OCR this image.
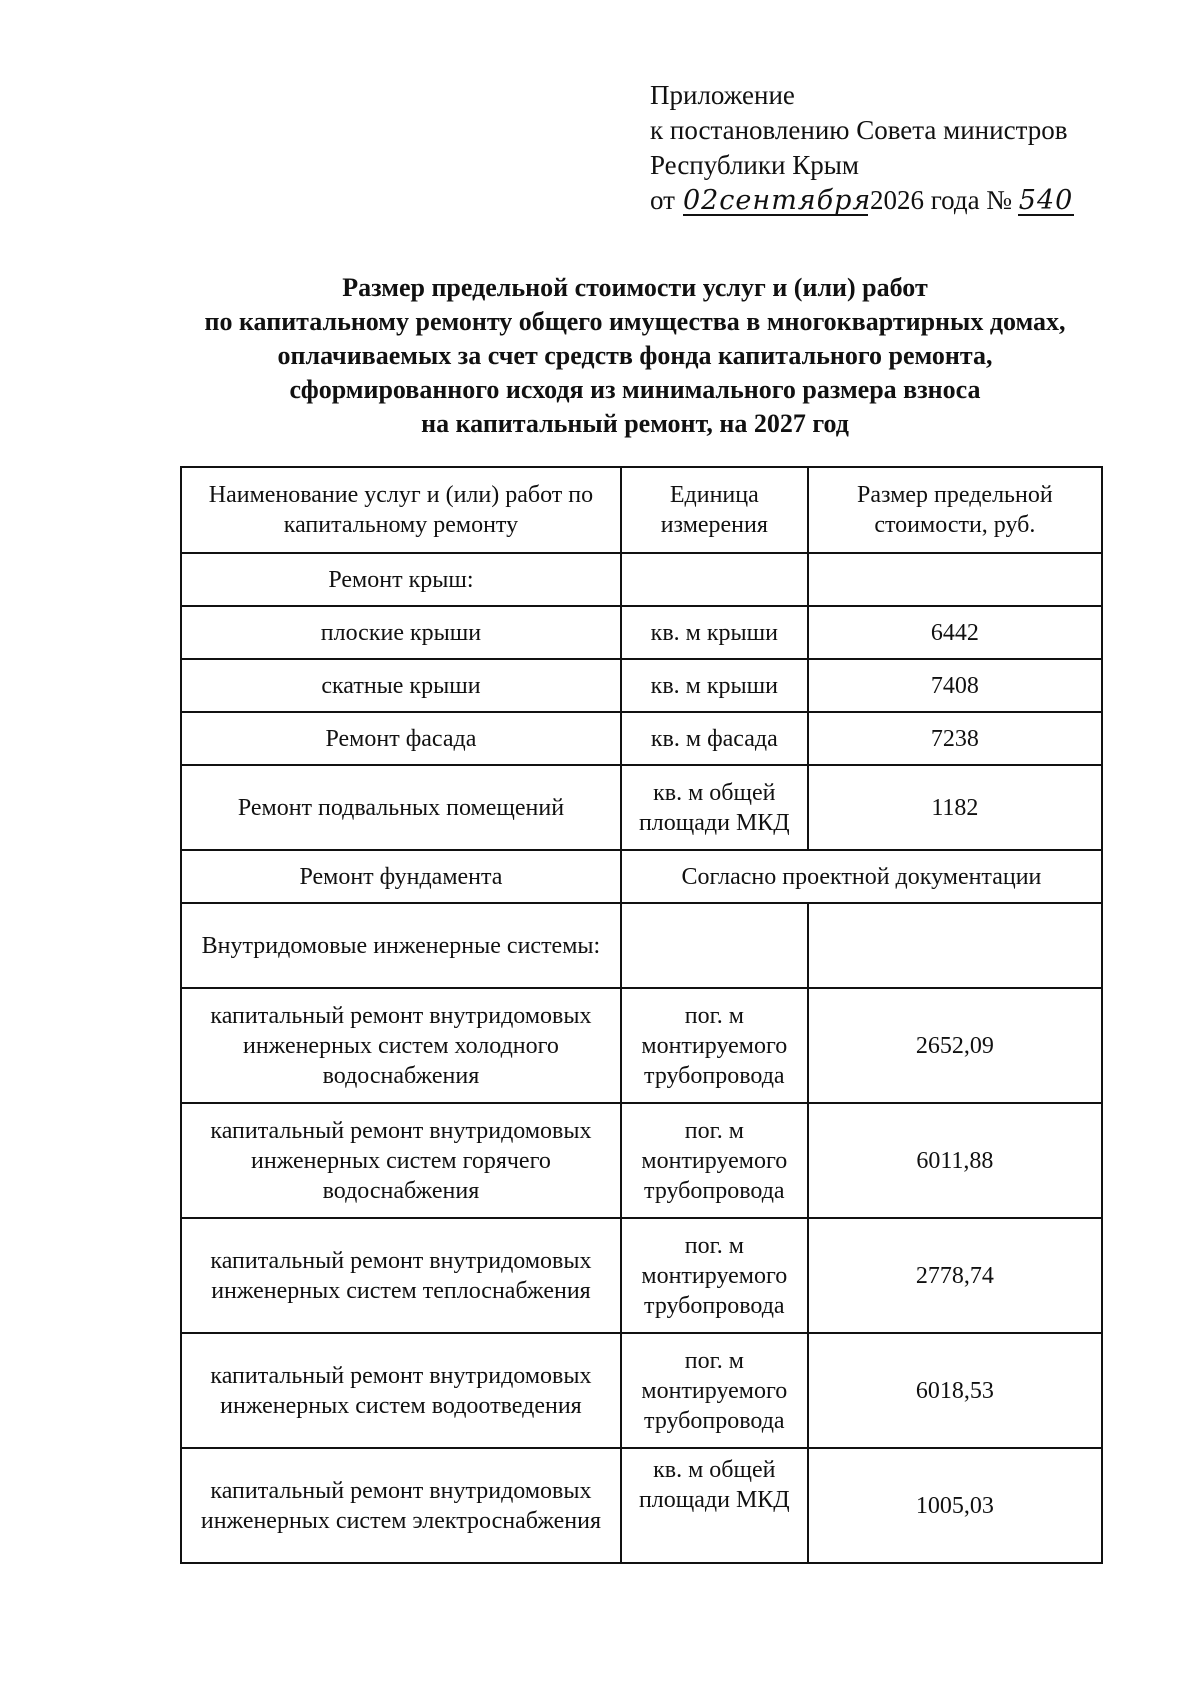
Приложение
к постановлению Совета министров
Республики Крым
от 02сентября2026 года № 540
Размер предельной стоимости услуг и (или) работ
по капитальному ремонту общего имущества в многоквартирных домах,
оплачиваемых за счет средств фонда капитального ремонта,
сформированного исходя из минимального размера взноса
на капитальный ремонт, на 2027 год
Наименование услуг и (или) работ по капитальному ремонту	Единица измерения	Размер предельной стоимости, руб.
Ремонт крыш:		
плоские крыши	кв. м крыши	6442
скатные крыши	кв. м крыши	7408
Ремонт фасада	кв. м фасада	7238
Ремонт подвальных помещений	кв. м общей площади МКД	1182
Ремонт фундамента	Согласно проектной документации	
Внутридомовые инженерные системы:		
капитальный ремонт внутридомовых инженерных систем холодного водоснабжения	пог. м монтируемого трубопровода	2652,09
капитальный ремонт внутридомовых инженерных систем горячего водоснабжения	пог. м монтируемого трубопровода	6011,88
капитальный ремонт внутридомовых инженерных систем теплоснабжения	пог. м монтируемого трубопровода	2778,74
капитальный ремонт внутридомовых инженерных систем водоотведения	пог. м монтируемого трубопровода	6018,53
капитальный ремонт внутридомовых инженерных систем электроснабжения	кв. м общей площади МКД	1005,03
